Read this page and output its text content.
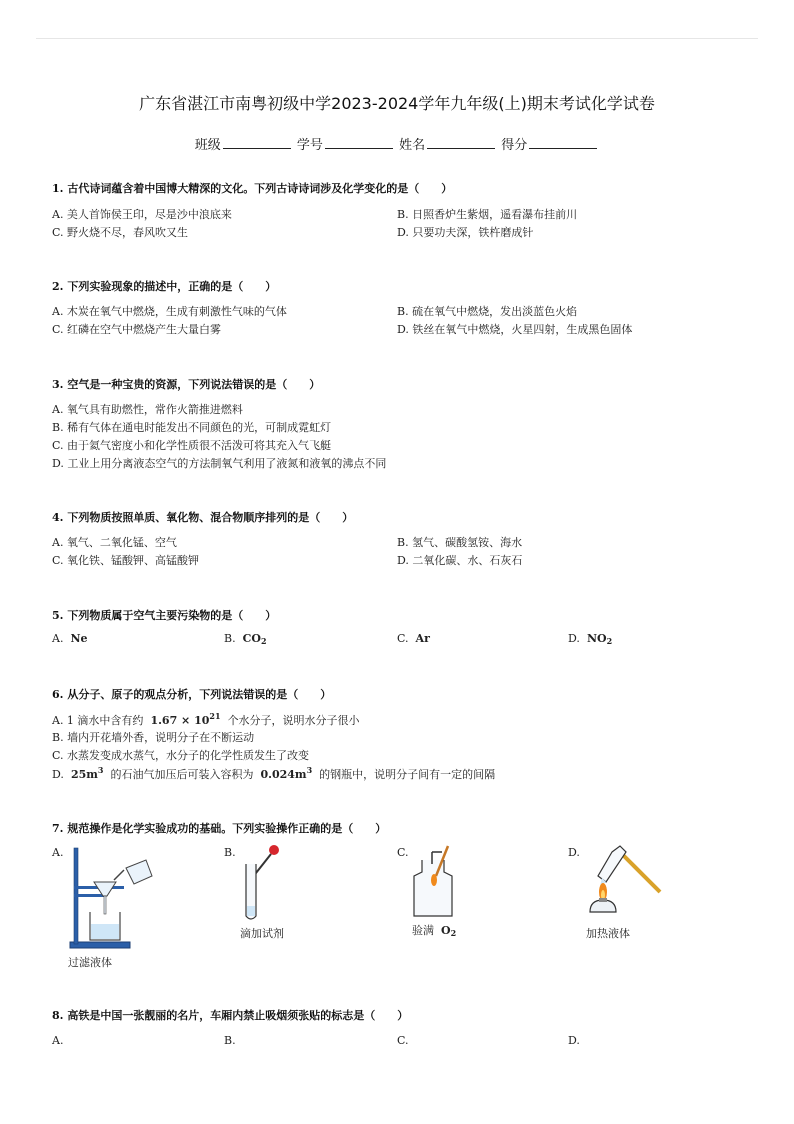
广东省湛江市南粤初级中学2023-2024学年九年级(上)期末考试化学试卷
班级	学号	姓名	得分
1. 古代诗词蕴含着中国博大精深的文化。下列古诗诗词涉及化学变化的是（　　）
A. 美人首饰侯王印，尽是沙中浪底来	B. 日照香炉生紫烟，遥看瀑布挂前川
C. 野火烧不尽，春风吹又生	D. 只要功夫深，铁杵磨成针
2. 下列实验现象的描述中，正确的是（　　）
A. 木炭在氧气中燃烧，生成有刺激性气味的气体	B. 硫在氧气中燃烧，发出淡蓝色火焰
C. 红磷在空气中燃烧产生大量白雾	D. 铁丝在氧气中燃烧，火星四射，生成黑色固体
3. 空气是一种宝贵的资源，下列说法错误的是（　　）
A. 氧气具有助燃性，常作火箭推进燃料
B. 稀有气体在通电时能发出不同颜色的光，可制成霓虹灯
C. 由于氦气密度小和化学性质很不活泼可将其充入气飞艇
D. 工业上用分离液态空气的方法制氧气利用了液氮和液氧的沸点不同
4. 下列物质按照单质、氧化物、混合物顺序排列的是（　　）
A. 氧气、二氧化锰、空气	B. 氢气、碳酸氢铵、海水
C. 氧化铁、锰酸钾、高锰酸钾	D. 二氧化碳、水、石灰石
5. 下列物质属于空气主要污染物的是（　　）
A. Ne	B. $CO_2$	C. Ar	D. $NO_2$
6. 从分子、原子的观点分析，下列说法错误的是（　　）
A. 1 滴水中含有约 $1.67 \times 10^{21}$ 个水分子，说明水分子很小
B. 墙内开花墙外香，说明分子在不断运动
C. 水蒸发变成水蒸气，水分子的化学性质发生了改变
D. $25m^3$ 的石油气加压后可装入容积为 $0.024m^3$ 的钢瓶中，说明分子间有一定的间隔
7. 规范操作是化学实验成功的基础。下列实验操作正确的是（　　）
A.
过滤液体
B.
滴加试剂
C.
验满 $O_2$
D.
加热液体
8. 高铁是中国一张靓丽的名片，车厢内禁止吸烟须张贴的标志是（　　）
A.	B.	C.	D.
